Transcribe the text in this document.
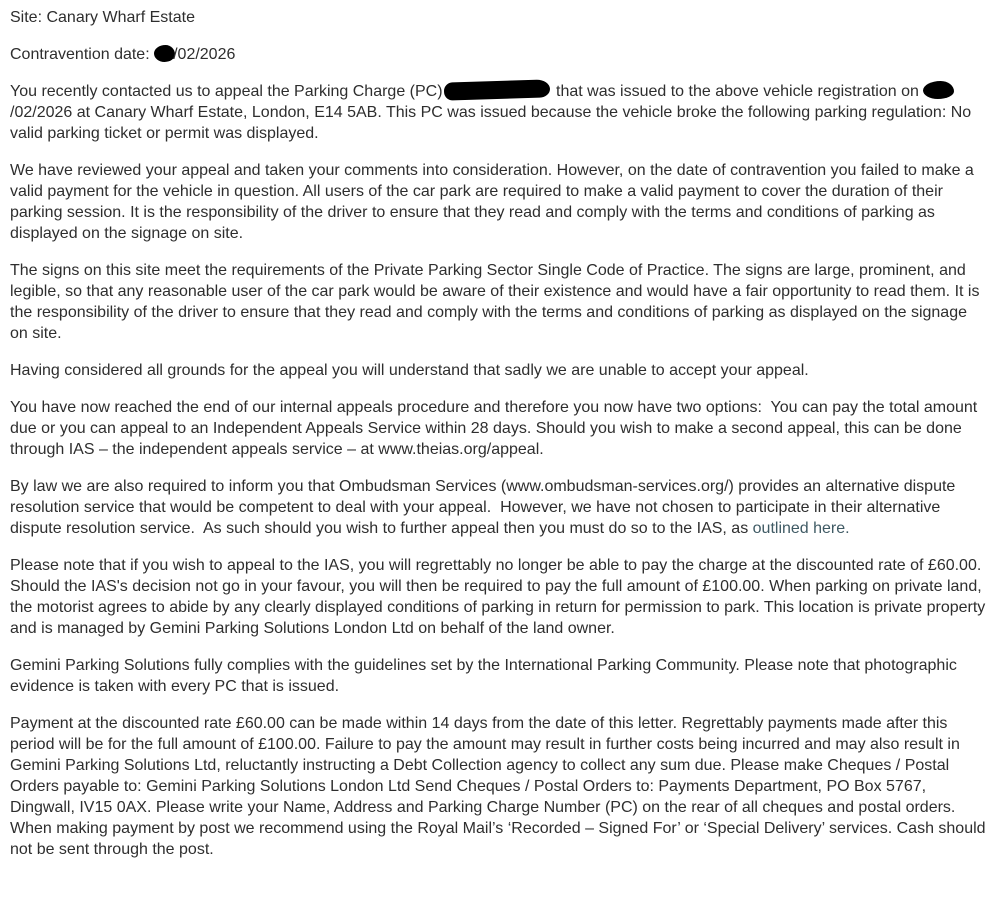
Site: Canary Wharf Estate

Contravention date: /02/2026

You recently contacted us to appeal the Parking Charge (PC)	that was issued to the above vehicle registration on /02/2026 at Canary Wharf Estate, London, E14 5AB. This PC was issued because the vehicle broke the following parking regulation: No valid parking ticket or permit was displayed.

We have reviewed your appeal and taken your comments into consideration. However, on the date of contravention you failed to make a valid payment for the vehicle in question. All users of the car park are required to make a valid payment to cover the duration of their parking session. It is the responsibility of the driver to ensure that they read and comply with the terms and conditions of parking as displayed on the signage on site.

The signs on this site meet the requirements of the Private Parking Sector Single Code of Practice. The signs are large, prominent, and legible, so that any reasonable user of the car park would be aware of their existence and would have a fair opportunity to read them. It is the responsibility of the driver to ensure that they read and comply with the terms and conditions of parking as displayed on the signage on site.

Having considered all grounds for the appeal you will understand that sadly we are unable to accept your appeal.

You have now reached the end of our internal appeals procedure and therefore you now have two options:  You can pay the total amount due or you can appeal to an Independent Appeals Service within 28 days. Should you wish to make a second appeal, this can be done through IAS – the independent appeals service – at www.theias.org/appeal.

By law we are also required to inform you that Ombudsman Services (www.ombudsman-services.org/) provides an alternative dispute resolution service that would be competent to deal with your appeal.  However, we have not chosen to participate in their alternative dispute resolution service.  As such should you wish to further appeal then you must do so to the IAS, as outlined here.

Please note that if you wish to appeal to the IAS, you will regrettably no longer be able to pay the charge at the discounted rate of £60.00. Should the IAS's decision not go in your favour, you will then be required to pay the full amount of £100.00. When parking on private land, the motorist agrees to abide by any clearly displayed conditions of parking in return for permission to park. This location is private property and is managed by Gemini Parking Solutions London Ltd on behalf of the land owner.

Gemini Parking Solutions fully complies with the guidelines set by the International Parking Community. Please note that photographic evidence is taken with every PC that is issued.

Payment at the discounted rate £60.00 can be made within 14 days from the date of this letter. Regrettably payments made after this period will be for the full amount of £100.00. Failure to pay the amount may result in further costs being incurred and may also result in Gemini Parking Solutions Ltd, reluctantly instructing a Debt Collection agency to collect any sum due. Please make Cheques / Postal Orders payable to: Gemini Parking Solutions London Ltd Send Cheques / Postal Orders to: Payments Department, PO Box 5767, Dingwall, IV15 0AX. Please write your Name, Address and Parking Charge Number (PC) on the rear of all cheques and postal orders. When making payment by post we recommend using the Royal Mail’s ‘Recorded – Signed For’ or ‘Special Delivery’ services. Cash should not be sent through the post.
